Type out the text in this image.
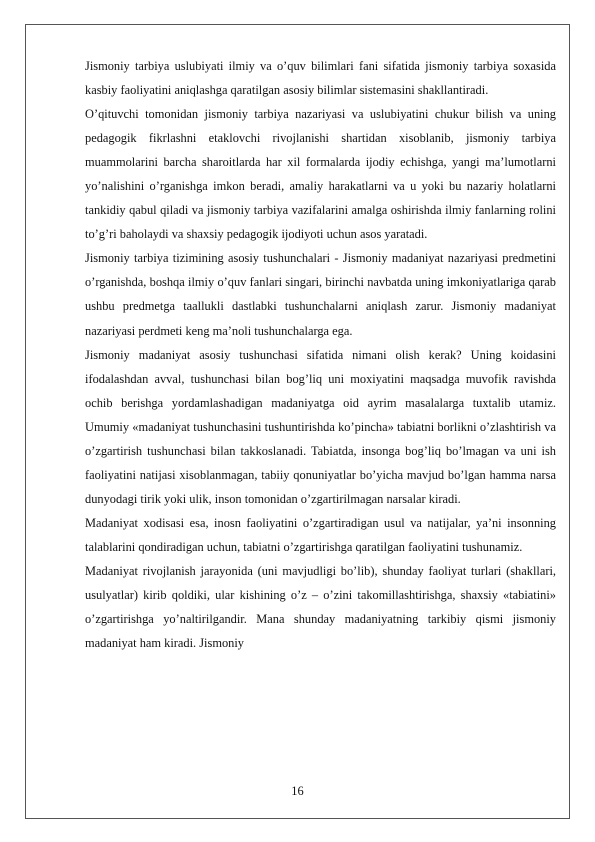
Jismoniy tarbiya uslubiyati ilmiy va o’quv bilimlari fani sifatida jismoniy tarbiya soxasida kasbiy faoliyatini aniqlashga qaratilgan asosiy bilimlar sistemasini shakllantiradi.

O’qituvchi tomonidan jismoniy tarbiya nazariyasi va uslubiyatini chukur bilish va uning pedagogik fikrlashni etaklovchi rivojlanishi shartidan xisoblanib, jismoniy tarbiya muammolarini barcha sharoitlarda har xil formalarda ijodiy echishga, yangi ma’lumotlarni yo’nalishini o’rganishga imkon beradi, amaliy harakatlarni va u yoki bu nazariy holatlarni tankidiy qabul qiladi va jismoniy tarbiya vazifalarini amalga oshirishda ilmiy fanlarning rolini to’g’ri baholaydi va shaxsiy pedagogik ijodiyoti uchun asos yaratadi.

Jismoniy tarbiya tizimining asosiy tushunchalari - Jismoniy madaniyat nazariyasi predmetini o’rganishda, boshqa ilmiy o’quv fanlari singari, birinchi navbatda uning imkoniyatlariga qarab ushbu predmetga taallukli dastlabki tushunchalarni aniqlash zarur. Jismoniy madaniyat nazariyasi perdmeti keng ma’noli tushunchalarga ega.

Jismoniy madaniyat asosiy tushunchasi sifatida nimani olish kerak? Uning koidasini ifodalashdan avval, tushunchasi bilan bog’liq uni moxiyatini maqsadga muvofik ravishda ochib berishga yordamlashadigan madaniyatga oid ayrim masalalarga tuxtalib utamiz. Umumiy «madaniyat tushunchasini tushuntirishda ko’pincha» tabiatni borlikni o’zlashtirish va o’zgartirish tushunchasi bilan takkoslanadi. Tabiatda, insonga bog’liq bo’lmagan va uni ish faoliyatini natijasi xisoblanmagan, tabiiy qonuniyatlar bo’yicha mavjud bo’lgan hamma narsa dunyodagi tirik yoki ulik, inson tomonidan o’zgartirilmagan narsalar kiradi.

Madaniyat xodisasi esa, inosn faoliyatini o’zgartiradigan usul va natijalar, ya’ni insonning talablarini qondiradigan uchun, tabiatni o’zgartirishga qaratilgan faoliyatini tushunamiz.

Madaniyat rivojlanish jarayonida (uni mavjudligi bo’lib), shunday faoliyat turlari (shakllari, usulyatlar) kirib qoldiki, ular kishining o’z – o’zini takomillashtirishga, shaxsiy «tabiatini» o’zgartirishga yo’naltirilgandir. Mana shunday madaniyatning tarkibiy qismi jismoniy madaniyat ham kiradi. Jismoniy

16
